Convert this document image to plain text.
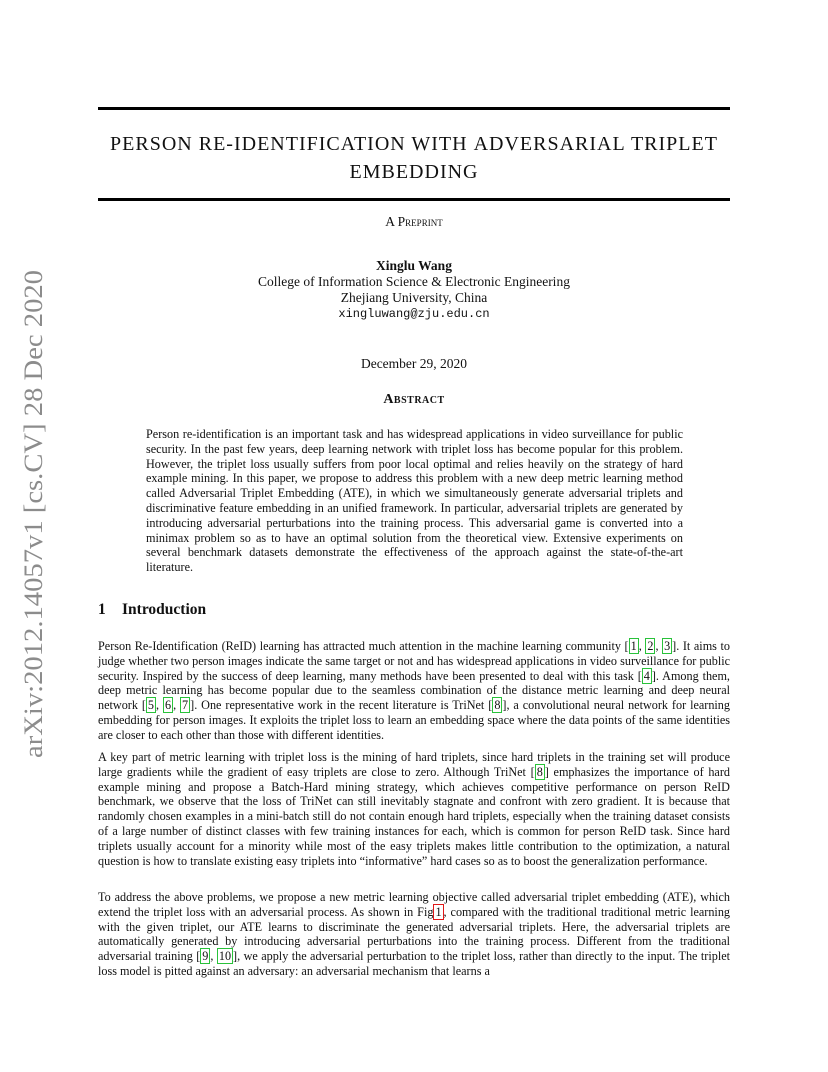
arXiv:2012.14057v1 [cs.CV] 28 Dec 2020
PERSON RE-IDENTIFICATION WITH ADVERSARIAL TRIPLET
EMBEDDING
A Preprint
Xinglu Wang
College of Information Science & Electronic Engineering
Zhejiang University, China
xingluwang@zju.edu.cn
December 29, 2020
Abstract

Person re-identification is an important task and has widespread applications in video surveillance for public security. In the past few years, deep learning network with triplet loss has become popular for this problem. However, the triplet loss usually suffers from poor local optimal and relies heavily on the strategy of hard example mining. In this paper, we propose to address this problem with a new deep metric learning method called Adversarial Triplet Embedding (ATE), in which we simultaneously generate adversarial triplets and discriminative feature embedding in an unified framework. In particular, adversarial triplets are generated by introducing adversarial perturbations into the training process. This adversarial game is converted into a minimax problem so as to have an optimal solution from the theoretical view. Extensive experiments on several benchmark datasets demonstrate the effectiveness of the approach against the state-of-the-art literature.

1 Introduction

Person Re-Identification (ReID) learning has attracted much attention in the machine learning community [ 1 , 2 , 3 ]. It aims to judge whether two person images indicate the same target or not and has widespread applications in video surveillance for public security. Inspired by the success of deep learning, many methods have been presented to deal with this task [ 4 ]. Among them, deep metric learning has become popular due to the seamless combination of the distance metric learning and deep neural network [ 5 , 6 , 7 ]. One representative work in the recent literature is TriNet [ 8 ], a convolutional neural network for learning embedding for person images. It exploits the triplet loss to learn an embedding space where the data points of the same identities are closer to each other than those with different identities.

A key part of metric learning with triplet loss is the mining of hard triplets, since hard triplets in the training set will produce large gradients while the gradient of easy triplets are close to zero. Although TriNet [ 8 ] emphasizes the importance of hard example mining and propose a Batch-Hard mining strategy, which achieves competitive performance on person ReID benchmark, we observe that the loss of TriNet can still inevitably stagnate and confront with zero gradient. It is because that randomly chosen examples in a mini-batch still do not contain enough hard triplets, especially when the training dataset consists of a large number of distinct classes with few training instances for each, which is common for person ReID task. Since hard triplets usually account for a minority while most of the easy triplets makes little contribution to the optimization, a natural question is how to translate existing easy triplets into “informative” hard cases so as to boost the generalization performance.

To address the above problems, we propose a new metric learning objective called adversarial triplet embedding (ATE), which extend the triplet loss with an adversarial process. As shown in Fig 1 , compared with the traditional traditional metric learning with the given triplet, our ATE learns to discriminate the generated adversarial triplets. Here, the adversarial triplets are automatically generated by introducing adversarial perturbations into the training process. Different from the traditional adversarial training [ 9 , 10 ], we apply the adversarial perturbation to the triplet loss, rather than directly to the input. The triplet loss model is pitted against an adversary: an adversarial mechanism that learns a
